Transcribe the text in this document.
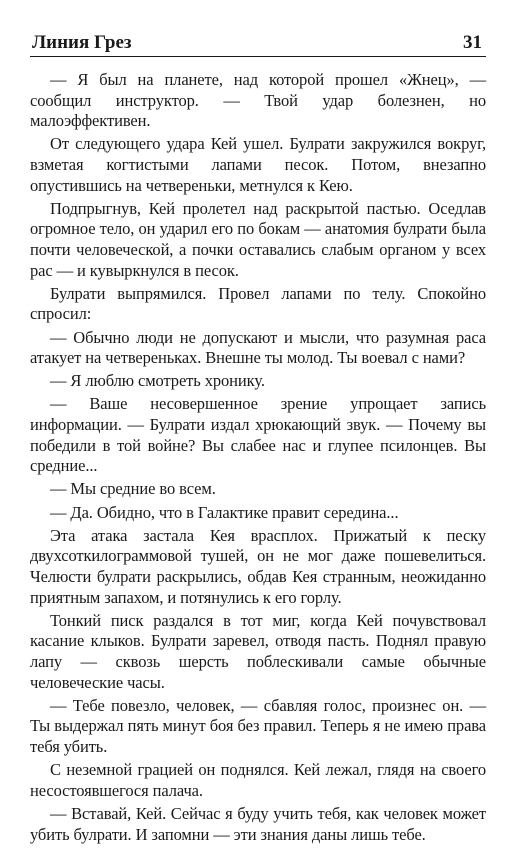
Линия Грез	31

— Я был на планете, над которой прошел «Жнец», — сообщил инструктор. — Твой удар болезнен, но малоэффективен.

От следующего удара Кей ушел. Булрати закружился вокруг, взметая когтистыми лапами песок. Потом, внезапно опустившись на четвереньки, метнулся к Кею.

Подпрыгнув, Кей пролетел над раскрытой пастью. Оседлав огромное тело, он ударил его по бокам — анатомия булрати была почти человеческой, а почки оставались слабым органом у всех рас — и кувыркнулся в песок.

Булрати выпрямился. Провел лапами по телу. Спокойно спросил:

— Обычно люди не допускают и мысли, что разумная раса атакует на четвереньках. Внешне ты молод. Ты воевал с нами?

— Я люблю смотреть хронику.

— Ваше несовершенное зрение упрощает запись информации. — Булрати издал хрюкающий звук. — Почему вы победили в той войне? Вы слабее нас и глупее псилонцев. Вы средние...

— Мы средние во всем.

— Да. Обидно, что в Галактике правит середина...

Эта атака застала Кея врасплох. Прижатый к песку двухсоткилограммовой тушей, он не мог даже пошевелиться. Челюсти булрати раскрылись, обдав Кея странным, неожиданно приятным запахом, и потянулись к его горлу.

Тонкий писк раздался в тот миг, когда Кей почувствовал касание клыков. Булрати заревел, отводя пасть. Поднял правую лапу — сквозь шерсть поблескивали самые обычные человеческие часы.

— Тебе повезло, человек, — сбавляя голос, произнес он. — Ты выдержал пять минут боя без правил. Теперь я не имею права тебя убить.

С неземной грацией он поднялся. Кей лежал, глядя на своего несостоявшегося палача.

— Вставай, Кей. Сейчас я буду учить тебя, как человек может убить булрати. И запомни — эти знания даны лишь тебе.
